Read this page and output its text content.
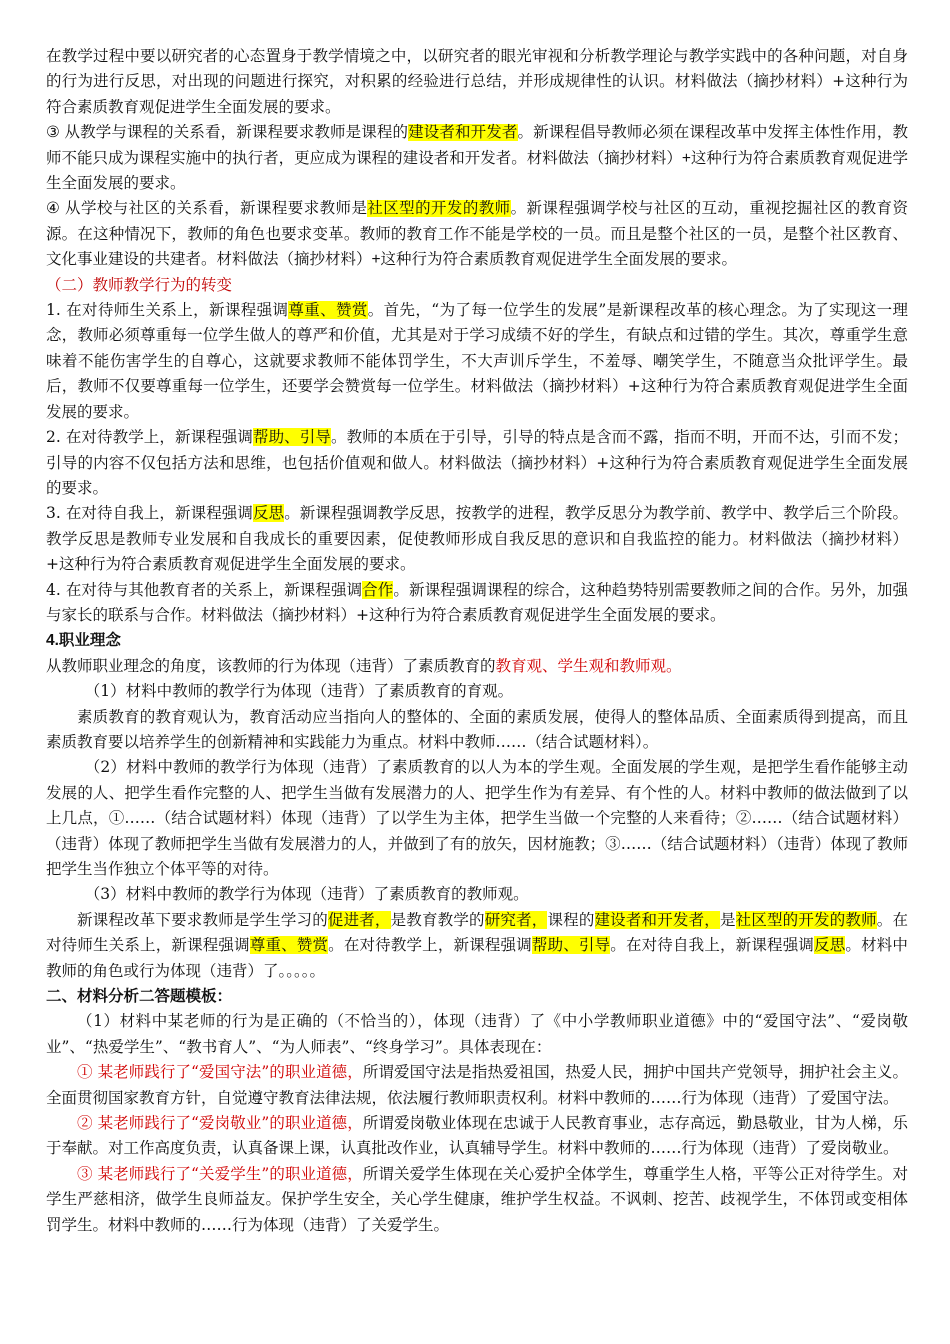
在教学过程中要以研究者的心态置身于教学情境之中，以研究者的眼光审视和分析教学理论与教学实践中的各种问题，对自身的行为进行反思，对出现的问题进行探究，对积累的经验进行总结，并形成规律性的认识。材料做法（摘抄材料）+这种行为符合素质教育观促进学生全面发展的要求。

③ 从教学与课程的关系看，新课程要求教师是课程的建设者和开发者。新课程倡导教师必须在课程改革中发挥主体性作用，教师不能只成为课程实施中的执行者，更应成为课程的建设者和开发者。材料做法（摘抄材料）+这种行为符合素质教育观促进学生全面发展的要求。

④ 从学校与社区的关系看，新课程要求教师是社区型的开发的教师。新课程强调学校与社区的互动，重视挖掘社区的教育资源。在这种情况下，教师的角色也要求变革。教师的教育工作不能是学校的一员。而且是整个社区的一员，是整个社区教育、文化事业建设的共建者。材料做法（摘抄材料）+这种行为符合素质教育观促进学生全面发展的要求。

（二）教师教学行为的转变

1. 在对待师生关系上，新课程强调尊重、赞赏。首先，“为了每一位学生的发展”是新课程改革的核心理念。为了实现这一理念，教师必须尊重每一位学生做人的尊严和价值，尤其是对于学习成绩不好的学生，有缺点和过错的学生。其次，尊重学生意味着不能伤害学生的自尊心，这就要求教师不能体罚学生，不大声训斥学生，不羞辱、嘲笑学生，不随意当众批评学生。最后，教师不仅要尊重每一位学生，还要学会赞赏每一位学生。材料做法（摘抄材料）+这种行为符合素质教育观促进学生全面发展的要求。

2. 在对待教学上，新课程强调帮助、引导。教师的本质在于引导，引导的特点是含而不露，指而不明，开而不达，引而不发；引导的内容不仅包括方法和思维，也包括价值观和做人。材料做法（摘抄材料）+这种行为符合素质教育观促进学生全面发展的要求。

3. 在对待自我上，新课程强调反思。新课程强调教学反思，按教学的进程，教学反思分为教学前、教学中、教学后三个阶段。教学反思是教师专业发展和自我成长的重要因素，促使教师形成自我反思的意识和自我监控的能力。材料做法（摘抄材料）+这种行为符合素质教育观促进学生全面发展的要求。

4. 在对待与其他教育者的关系上，新课程强调合作。新课程强调课程的综合，这种趋势特别需要教师之间的合作。另外，加强与家长的联系与合作。材料做法（摘抄材料）+这种行为符合素质教育观促进学生全面发展的要求。

4.职业理念

从教师职业理念的角度，该教师的行为体现（违背）了素质教育的教育观、学生观和教师观。

（1）材料中教师的教学行为体现（违背）了素质教育的育观。

素质教育的教育观认为，教育活动应当指向人的整体的、全面的素质发展，使得人的整体品质、全面素质得到提高，而且素质教育要以培养学生的创新精神和实践能力为重点。材料中教师……（结合试题材料）。

（2）材料中教师的教学行为体现（违背）了素质教育的以人为本的学生观。全面发展的学生观，是把学生看作能够主动发展的人、把学生看作完整的人、把学生当做有发展潜力的人、把学生作为有差异、有个性的人。材料中教师的做法做到了以上几点，①……（结合试题材料）体现（违背）了以学生为主体，把学生当做一个完整的人来看待；②……（结合试题材料）（违背）体现了教师把学生当做有发展潜力的人，并做到了有的放矢，因材施教；③……（结合试题材料）（违背）体现了教师把学生当作独立个体平等的对待。

（3）材料中教师的教学行为体现（违背）了素质教育的教师观。

新课程改革下要求教师是学生学习的促进者，是教育教学的研究者，课程的建设者和开发者，是社区型的开发的教师。在对待师生关系上，新课程强调尊重、赞赏。在对待教学上，新课程强调帮助、引导。在对待自我上，新课程强调反思。材料中教师的角色或行为体现（违背）了。。。。。

二、材料分析二答题模板：

（1）材料中某老师的行为是正确的（不恰当的），体现（违背）了《中小学教师职业道德》中的“爱国守法”、“爱岗敬业”、“热爱学生”、“教书育人”、“为人师表”、“终身学习”。具体表现在：

① 某老师践行了“爱国守法”的职业道德，所谓爱国守法是指热爱祖国，热爱人民，拥护中国共产党领导，拥护社会主义。全面贯彻国家教育方针，自觉遵守教育法律法规，依法履行教师职责权利。材料中教师的……行为体现（违背）了爱国守法。

② 某老师践行了“爱岗敬业”的职业道德，所谓爱岗敬业体现在忠诚于人民教育事业，志存高远，勤恳敬业，甘为人梯，乐于奉献。对工作高度负责，认真备课上课，认真批改作业，认真辅导学生。材料中教师的……行为体现（违背）了爱岗敬业。

③ 某老师践行了“关爱学生”的职业道德，所谓关爱学生体现在关心爱护全体学生，尊重学生人格，平等公正对待学生。对学生严慈相济，做学生良师益友。保护学生安全，关心学生健康，维护学生权益。不讽刺、挖苦、歧视学生，不体罚或变相体罚学生。材料中教师的……行为体现（违背）了关爱学生。
